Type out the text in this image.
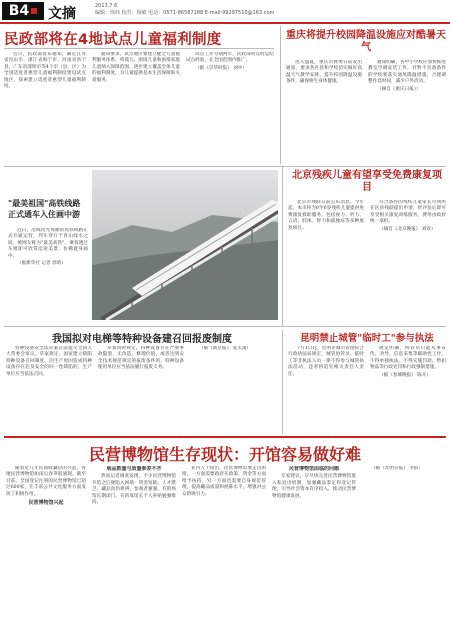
B4 文摘	2013.7.6
编辑：徐炜 校对：杨敏 电话：0571-86587188 E-mail:99297510@163.com
民政部将在4地试点儿童福利制度

近日，民政部发布通知，确定江苏省昆山市、浙江省海宁市、河南省洛宁县、广东省深圳市等4个市（县、区）为全国适度普惠型儿童福利制度建设试点地区，探索建立适度普惠型儿童福利制度。

通知要求，试点地区要建立健全儿童福利服务体系，将孤儿、困境儿童和困境家庭儿童纳入保障范围，逐步建立覆盖全体儿童的福利制度，为儿童提供基本生活保障和关爱服务。

试点工作为期两年，民政部将及时总结试点经验，在全国范围内推广。

（据《京华时报》 刘中）

重庆将提升校园降温设施应对酷暑天气

进入盛夏，重庆市教委日前发出通知，要求各区县和学校切实做好高温天气教学安排，提升校园降温设施条件，确保师生身体健康。

通知明确，各中小学校应加快推进教室空调安装工作，对暂不具备条件的学校要落实通风降温措施，合理调整作息时间，减少户外活动。

（摘自《重庆日报》）

"最美祖国"高铁线路正式通车入住画中游

近日，沿线风光秀丽的高铁线路正式开通运营，列车穿行于青山绿水之间，被网友称为"最美高铁"。乘客透过车窗即可欣赏沿途美景，仿佛置身画中。

（据新华社 记者 郭勇）

北京残疾儿童有望享受免费康复项目

北京市残联日前公布消息，今年起，本市将为0至6岁残疾儿童提供免费康复救助服务，包括视力、听力、言语、肢体、智力和孤独症等多种康复项目。

符合条件的残疾儿童家长可到所在区县残联提出申请，经评估后即可享受相关康复训练服务，费用由政府统一承担。

（摘自《北京晚报》 刘欢）

我国拟对电梯等特种设备建召回报废制度

特种设备安全法草案日前提交全国人大常委会审议。草案规定，国家建立缺陷特种设备召回制度，因生产原因造成特种设备存在危及安全的同一性缺陷的，生产单位应当依法召回。

草案同时规定，特种设备存在严重事故隐患，无改造、修理价值，或者达到安全技术规范规定的报废条件的，特种设备使用单位应当依法履行报废义务。

（据《新京报》 张太凌）

昆明禁止城管"临时工"参与执法

7月1日起，昆明市城市管理综合行政执法局规定，城管协管员、临时工等非执法人员一律不得参与城管执法活动，违者将追究相关责任人责任。

规定明确，协管员只能从事宣传、劝导、信息采集等辅助性工作，不得单独执法，不得实施罚款、暂扣物品等行政处罚和行政强制措施。

（据《春城晚报》 陈卉）

民营博物馆生存现状：开馆容易做好难

随着近几年民间收藏热的兴起，各地民营博物馆如雨后春笋般涌现。截至目前，全国登记注册的民营博物馆已超过600家，在丰富公共文化服务方面发挥了积极作用。

民营博物馆兴起
展品数量与质量参差不齐

然而记者调查发现，不少民营博物馆开馆之后便陷入困境：资金短缺、人才匮乏、藏品真伪难辨、参观者寥寥。有的场馆长期闭门，有的靠馆长个人补贴勉强维持。

业内人士指出，民营博物馆要走出困境，一方面需要政府在政策、资金等方面给予扶持，另一方面也需要自身规范管理，提高藏品质量和展陈水平，增强对公众的吸引力。

民营博物馆面临的问题

专家建议，应尽快完善民营博物馆准入和退出机制，加强藏品鉴定和登记管理，引导社会资本有序投入，推动民营博物馆健康发展。

（据《光明日报》 李韵）
